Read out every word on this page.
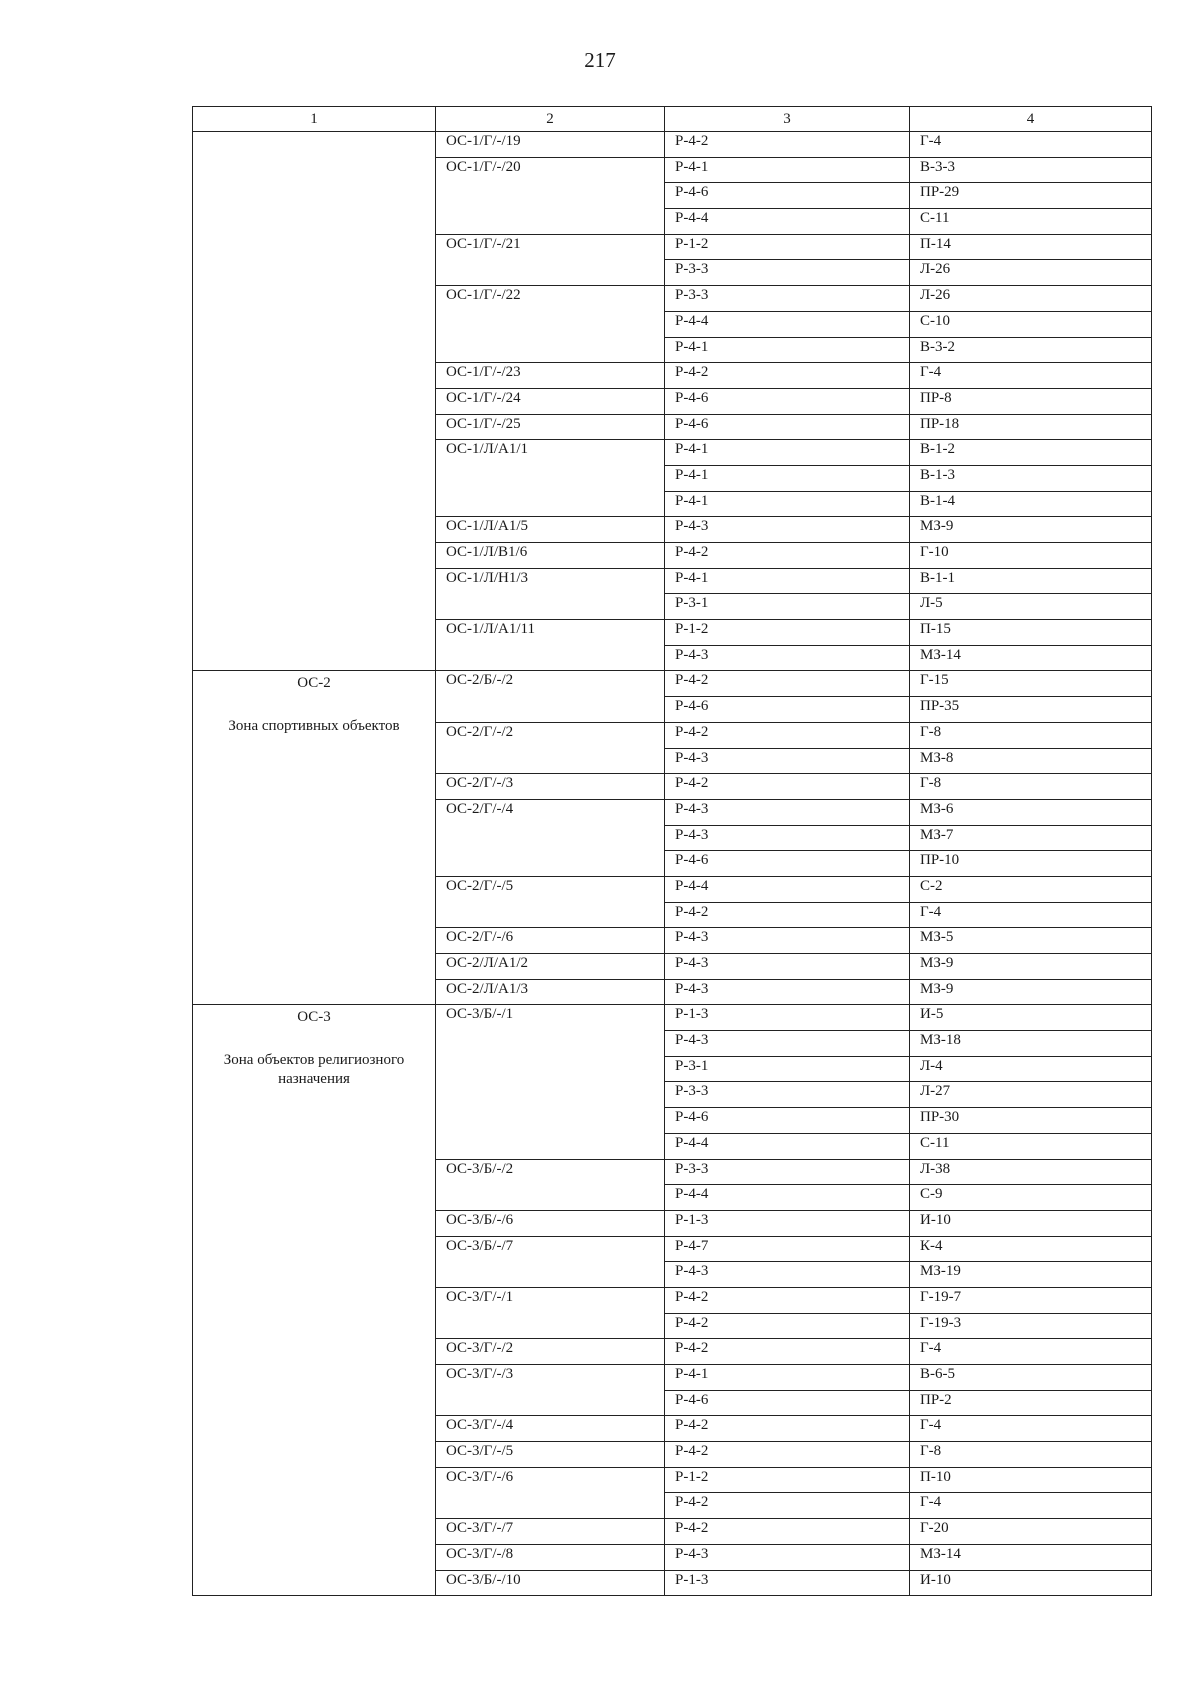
217
1	2	3	4

	ОС-1/Г/-/19	Р-4-2	Г-4
	ОС-1/Г/-/20	Р-4-1	В-3-3
		Р-4-6	ПР-29
		Р-4-4	С-11
	ОС-1/Г/-/21	Р-1-2	П-14
		Р-3-3	Л-26
	ОС-1/Г/-/22	Р-3-3	Л-26
		Р-4-4	С-10
		Р-4-1	В-3-2
	ОС-1/Г/-/23	Р-4-2	Г-4
	ОС-1/Г/-/24	Р-4-6	ПР-8
	ОС-1/Г/-/25	Р-4-6	ПР-18
	ОС-1/Л/А1/1	Р-4-1	В-1-2
		Р-4-1	В-1-3
		Р-4-1	В-1-4
	ОС-1/Л/А1/5	Р-4-3	МЗ-9
	ОС-1/Л/В1/6	Р-4-2	Г-10
	ОС-1/Л/Н1/3	Р-4-1	В-1-1
		Р-3-1	Л-5
	ОС-1/Л/А1/11	Р-1-2	П-15
		Р-4-3	МЗ-14

ОС-2
Зона спортивных объектов	ОС-2/Б/-/2	Р-4-2	Г-15
		Р-4-6	ПР-35
	ОС-2/Г/-/2	Р-4-2	Г-8
		Р-4-3	МЗ-8
	ОС-2/Г/-/3	Р-4-2	Г-8
	ОС-2/Г/-/4	Р-4-3	МЗ-6
		Р-4-3	МЗ-7
		Р-4-6	ПР-10
	ОС-2/Г/-/5	Р-4-4	С-2
		Р-4-2	Г-4
	ОС-2/Г/-/6	Р-4-3	МЗ-5
	ОС-2/Л/А1/2	Р-4-3	МЗ-9
	ОС-2/Л/А1/3	Р-4-3	МЗ-9

ОС-3
Зона объектов религиозного назначения	ОС-3/Б/-/1	Р-1-3	И-5
		Р-4-3	МЗ-18
		Р-3-1	Л-4
		Р-3-3	Л-27
		Р-4-6	ПР-30
		Р-4-4	С-11
	ОС-3/Б/-/2	Р-3-3	Л-38
		Р-4-4	С-9
	ОС-3/Б/-/6	Р-1-3	И-10
	ОС-3/Б/-/7	Р-4-7	К-4
		Р-4-3	МЗ-19
	ОС-3/Г/-/1	Р-4-2	Г-19-7
		Р-4-2	Г-19-3
	ОС-3/Г/-/2	Р-4-2	Г-4
	ОС-3/Г/-/3	Р-4-1	В-6-5
		Р-4-6	ПР-2
	ОС-3/Г/-/4	Р-4-2	Г-4
	ОС-3/Г/-/5	Р-4-2	Г-8
	ОС-3/Г/-/6	Р-1-2	П-10
		Р-4-2	Г-4
	ОС-3/Г/-/7	Р-4-2	Г-20
	ОС-3/Г/-/8	Р-4-3	МЗ-14
	ОС-3/Б/-/10	Р-1-3	И-10
